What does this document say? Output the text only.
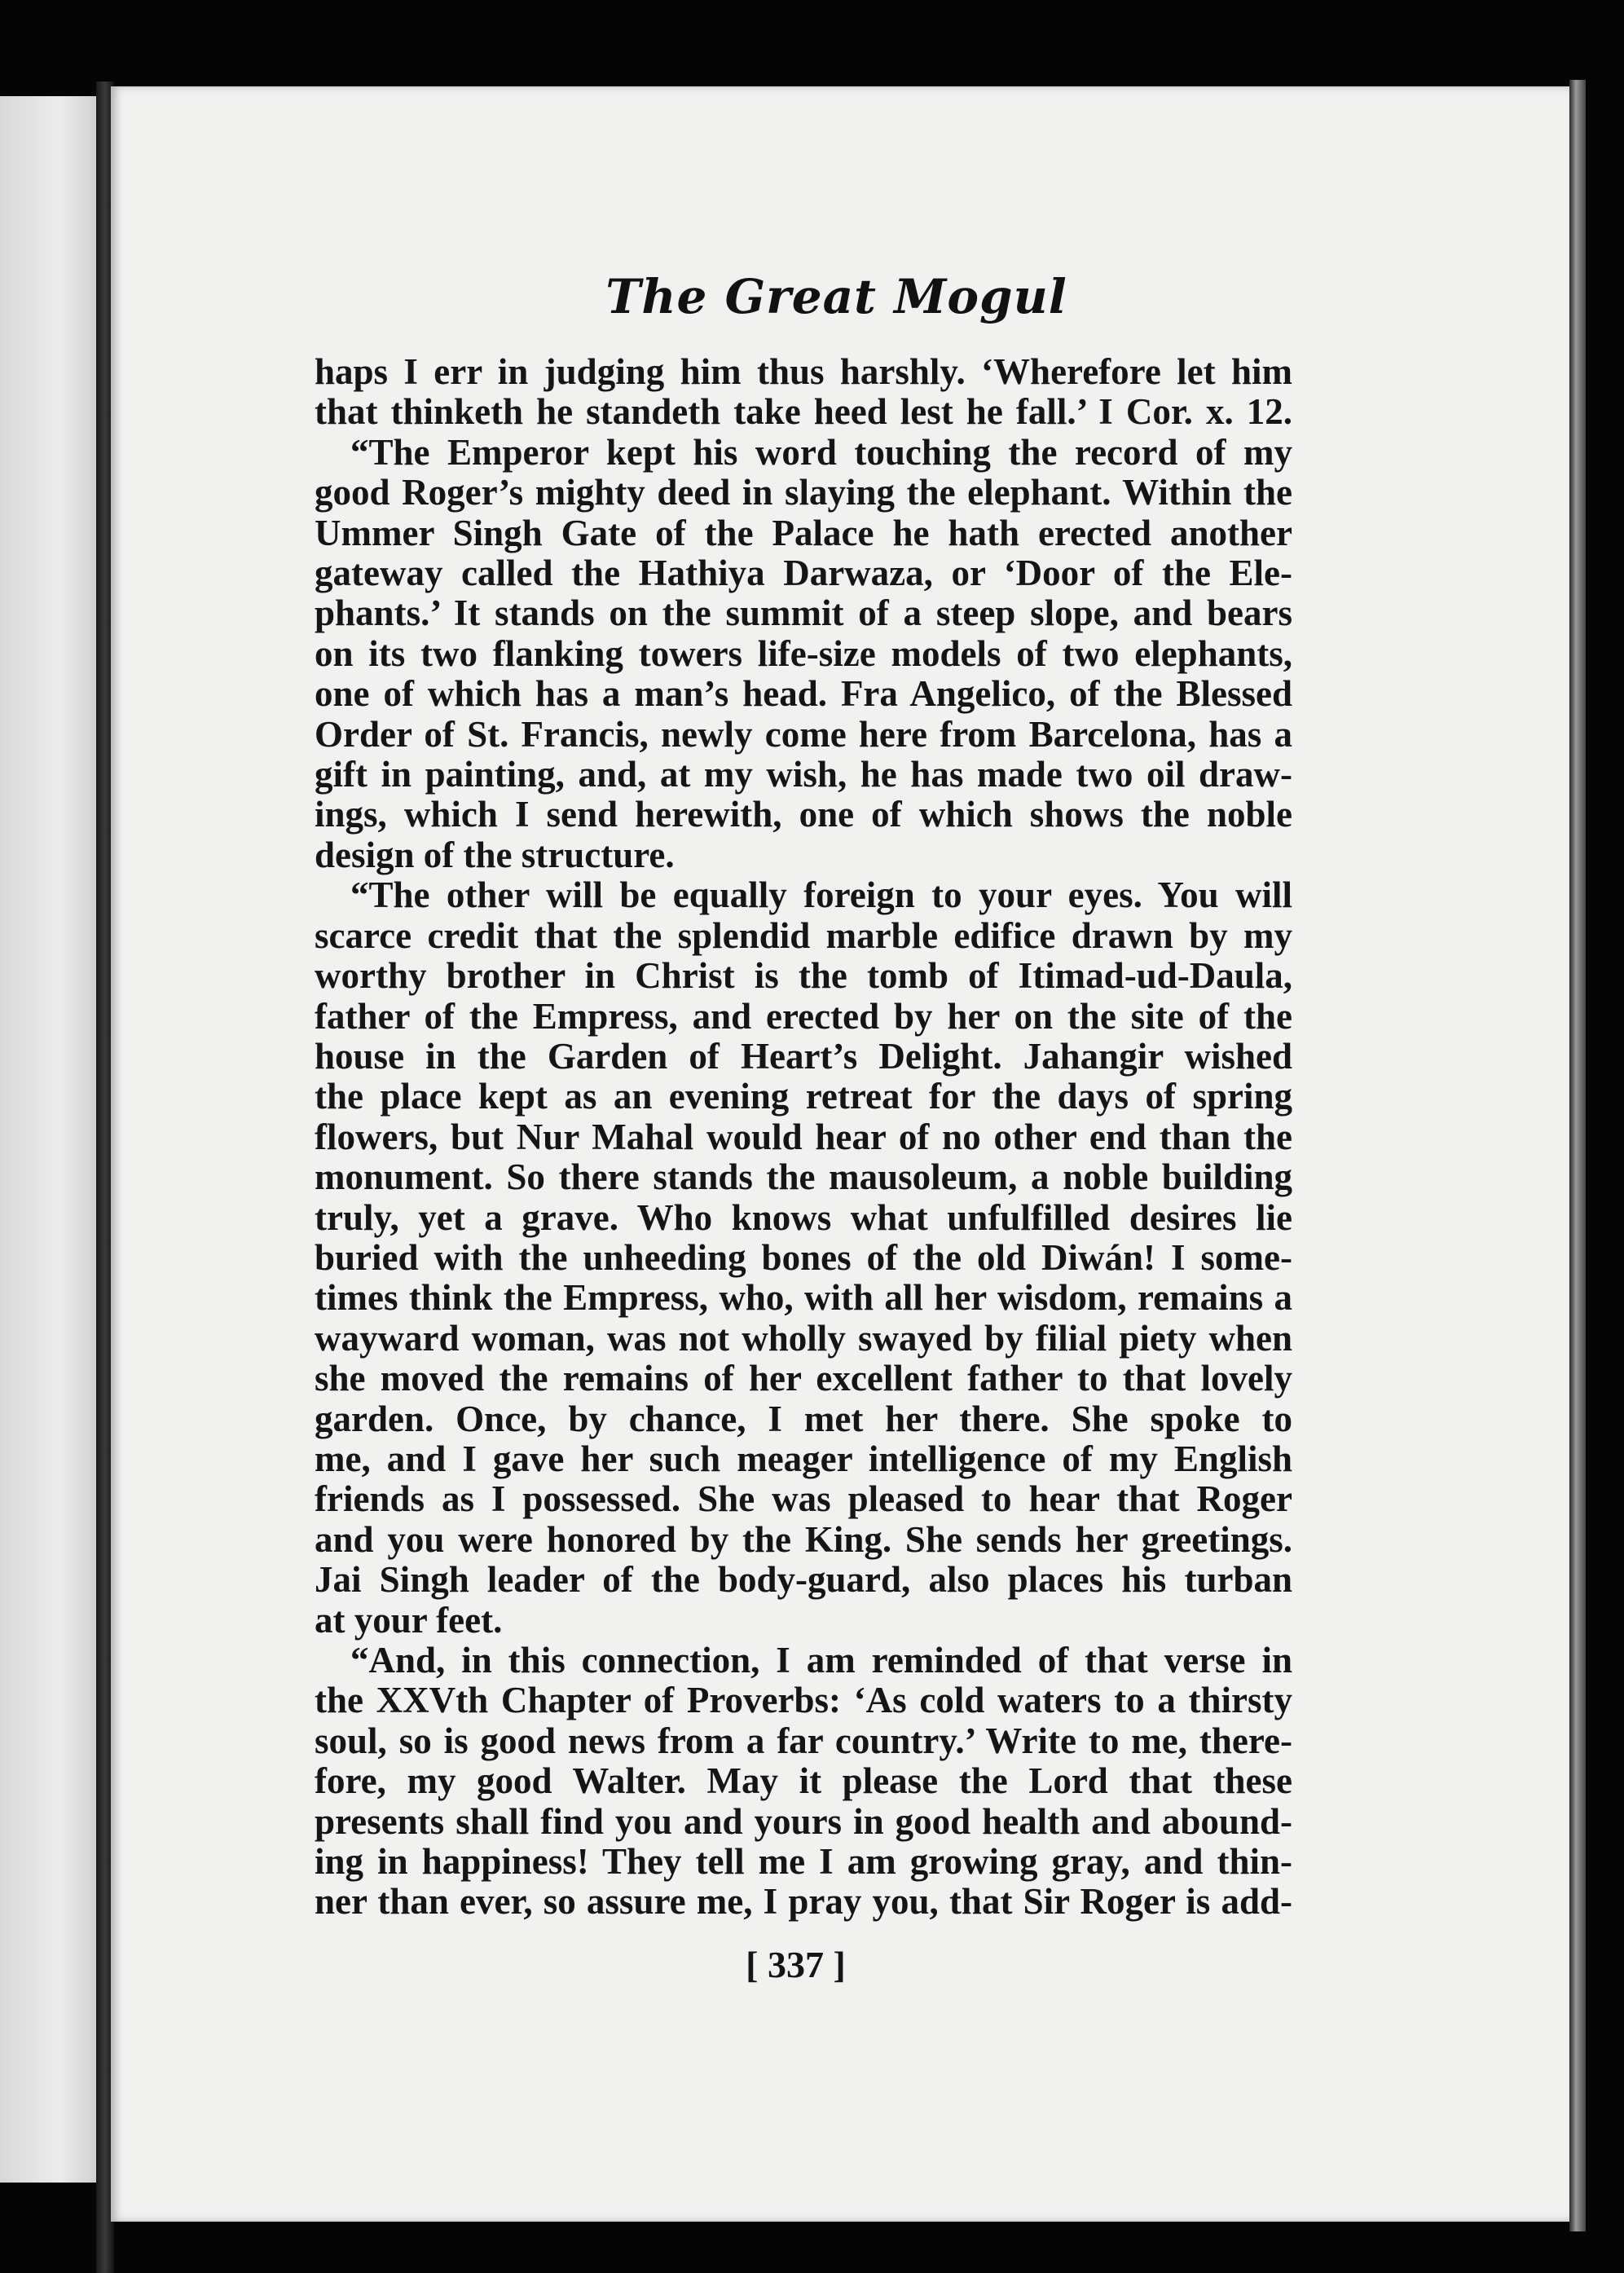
The Great Mogul
haps I err in judging him thus harshly. ‘Wherefore let him
that thinketh he standeth take heed lest he fall.’ I Cor. x. 12.
“The Emperor kept his word touching the record of my
good Roger’s mighty deed in slaying the elephant. Within the
Ummer Singh Gate of the Palace he hath erected another
gateway called the Hathiya Darwaza, or ‘Door of the Ele-
phants.’ It stands on the summit of a steep slope, and bears
on its two flanking towers life-size models of two elephants,
one of which has a man’s head. Fra Angelico, of the Blessed
Order of St. Francis, newly come here from Barcelona, has a
gift in painting, and, at my wish, he has made two oil draw-
ings, which I send herewith, one of which shows the noble
design of the structure.
“The other will be equally foreign to your eyes. You will
scarce credit that the splendid marble edifice drawn by my
worthy brother in Christ is the tomb of Itimad-ud-Daula,
father of the Empress, and erected by her on the site of the
house in the Garden of Heart’s Delight. Jahangir wished
the place kept as an evening retreat for the days of spring
flowers, but Nur Mahal would hear of no other end than the
monument. So there stands the mausoleum, a noble building
truly, yet a grave. Who knows what unfulfilled desires lie
buried with the unheeding bones of the old Diwán! I some-
times think the Empress, who, with all her wisdom, remains a
wayward woman, was not wholly swayed by filial piety when
she moved the remains of her excellent father to that lovely
garden. Once, by chance, I met her there. She spoke to
me, and I gave her such meager intelligence of my English
friends as I possessed. She was pleased to hear that Roger
and you were honored by the King. She sends her greetings.
Jai Singh leader of the body-guard, also places his turban
at your feet.
“And, in this connection, I am reminded of that verse in
the XXVth Chapter of Proverbs: ‘As cold waters to a thirsty
soul, so is good news from a far country.’ Write to me, there-
fore, my good Walter. May it please the Lord that these
presents shall find you and yours in good health and abound-
ing in happiness! They tell me I am growing gray, and thin-
ner than ever, so assure me, I pray you, that Sir Roger is add-
[ 337 ]
